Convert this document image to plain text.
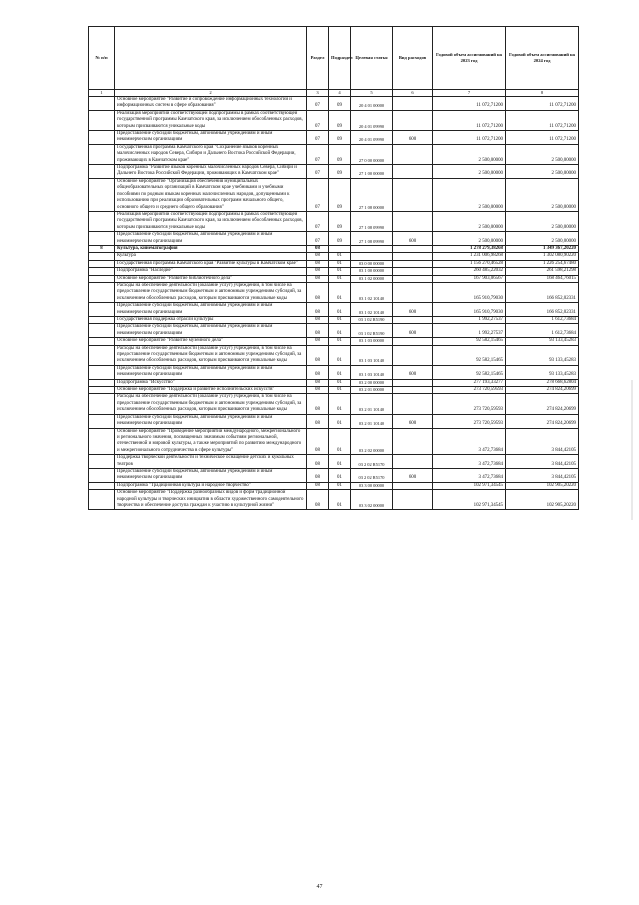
№ п/п		Раздел	Подраздел	Целевая статья	Вид расходов	Годовой объем ассигнований на 2023 год	Годовой объем ассигнований на 2024 год
1	2	3	4	5	6	7	8
	Основное мероприятие "Развитие и сопровождение информационных технологий и информационных систем в сфере образования"	07	09	20 4 01 00000		11 072,71200	11 072,71200
	Реализация мероприятий соответствующей подпрограммы в рамках соответствующей государственной программы Камчатского края, за исключением обособленных расходов, которым присваиваются уникальные коды	07	09	20 4 01 09990		11 072,71200	11 072,71200
	Предоставление субсидий бюджетным, автономным учреждениям и иным некоммерческим организациям	07	09	20 4 01 09990	600	11 072,71200	11 072,71200
	Государственная программа Камчатского края "Сохранение языков коренных малочисленных народов Севера, Сибири и Дальнего Востока Российской Федерации, проживающих в Камчатском крае"	07	09	27 0 00 00000		2 500,00000	2 500,00000
	Подпрограмма "Развитие языков коренных малочисленных народов Севера, Сибири и Дальнего Востока Российской Федерации, проживающих в Камчатском крае"	07	09	27 1 00 00000		2 500,00000	2 500,00000
	Основное мероприятие "Организация обеспечения муниципальных общеобразовательных организаций в Камчатском крае учебниками и учебными пособиями по родным языкам коренных малочисленных народов, допущенными к использованию при реализации образовательных программ начального общего, основного общего и среднего общего образования"	07	09	27 1 08 00000		2 500,00000	2 500,00000
	Реализация мероприятий соответствующей подпрограммы в рамках соответствующей государственной программы Камчатского края, за исключением обособленных расходов, которым присваиваются уникальные коды	07	09	27 1 08 09990		2 500,00000	2 500,00000
	Предоставление субсидий бюджетным, автономным учреждениям и иным некоммерческим организациям	07	09	27 1 08 09990	600	2 500,00000	2 500,00000
8	Культура, кинематография	08				1 278 279,38268	1 349 367,20220
	Культура	08	01			1 231 006,98268	1 302 080,90220
	Государственная программа Камчатского края "Развитие культуры в Камчатском крае"	08	01	03 0 00 00000		1 156 270,46528	1 226 254,67480
	Подпрограмма "Наследие"	08	01	03 1 00 00000		260 485,22032	261 598,21298
	Основное мероприятие "Развитие библиотечного дела"	08	01	03 1 02 00000		167 903,06567	168 464,76015
	Расходы на обеспечение деятельности (оказание услуг) учреждений, в том числе на предоставление государственным бюджетным и автономным учреждениям субсидий, за исключением обособленных расходов, которым присваиваются уникальные коды	08	01	03 1 02 10140		165 910,79030	166 852,02331
	Предоставление субсидий бюджетным, автономным учреждениям и иным некоммерческим организациям	08	01	03 1 02 10140	600	165 910,79030	166 852,02331
	Государственная поддержка отрасли культуры	08	01	03 1 02 R5190		1 992,27537	1 612,73684
	Предоставление субсидий бюджетным, автономным учреждениям и иным некоммерческим организациям	08	01	03 1 02 R5190	600	1 992,27537	1 612,73684
	Основное мероприятие "Развитие музейного дела"	08	01	03 1 03 00000		92 582,15465	93 133,45283
	Расходы на обеспечение деятельности (оказание услуг) учреждений, в том числе на предоставление государственным бюджетным и автономным учреждениям субсидий, за исключением обособленных расходов, которым присваиваются уникальные коды	08	01	03 1 03 10140		92 582,15465	93 133,45283
	Предоставление субсидий бюджетным, автономным учреждениям и иным некоммерческим организациям	08	01	03 1 03 10140	600	92 582,15465	93 133,45283
	Подпрограмма "Искусство"	08	01	03 2 00 00000		277 193,33277	278 668,62804
	Основное мероприятие "Поддержка и развитие исполнительских искусств"	08	01	03 2 01 00000		273 720,59593	274 824,20699
	Расходы на обеспечение деятельности (оказание услуг) учреждений, в том числе на предоставление государственным бюджетным и автономным учреждениям субсидий, за исключением обособленных расходов, которым присваиваются уникальные коды	08	01	03 2 01 10140		273 720,59593	274 824,20699
	Предоставление субсидий бюджетным, автономным учреждениям и иным некоммерческим организациям	08	01	03 2 01 10140	600	273 720,59593	274 824,20699
	Основное мероприятие "Проведение мероприятий международного, межрегионального и регионального значения, посвященных значимым событиям региональной, отечественной и мировой культуры, а также мероприятий по развитию международного и межрегионального сотрудничества в сфере культуры"	08	01	03 2 02 00000		3 472,73684	3 844,42105
	Поддержка творческой деятельности и техническое оснащение детских и кукольных театров	08	01	03 2 02 R5170		3 472,73684	3 844,42105
	Предоставление субсидий бюджетным, автономным учреждениям и иным некоммерческим организациям	08	01	03 2 02 R5170	600	3 472,73684	3 844,42105
	Подпрограмма "Традиционная культура и народное творчество"	08	01	03 3 00 00000		102 971,34545	102 905,20220
	Основное мероприятие "Поддержка разнообразных видов и форм традиционной народной культуры и творческих инициатив в области художественного самодеятельного творчества и обеспечение доступа граждан к участию в культурной жизни"	08	01	03 3 02 00000		102 971,34545	102 905,20220
47
